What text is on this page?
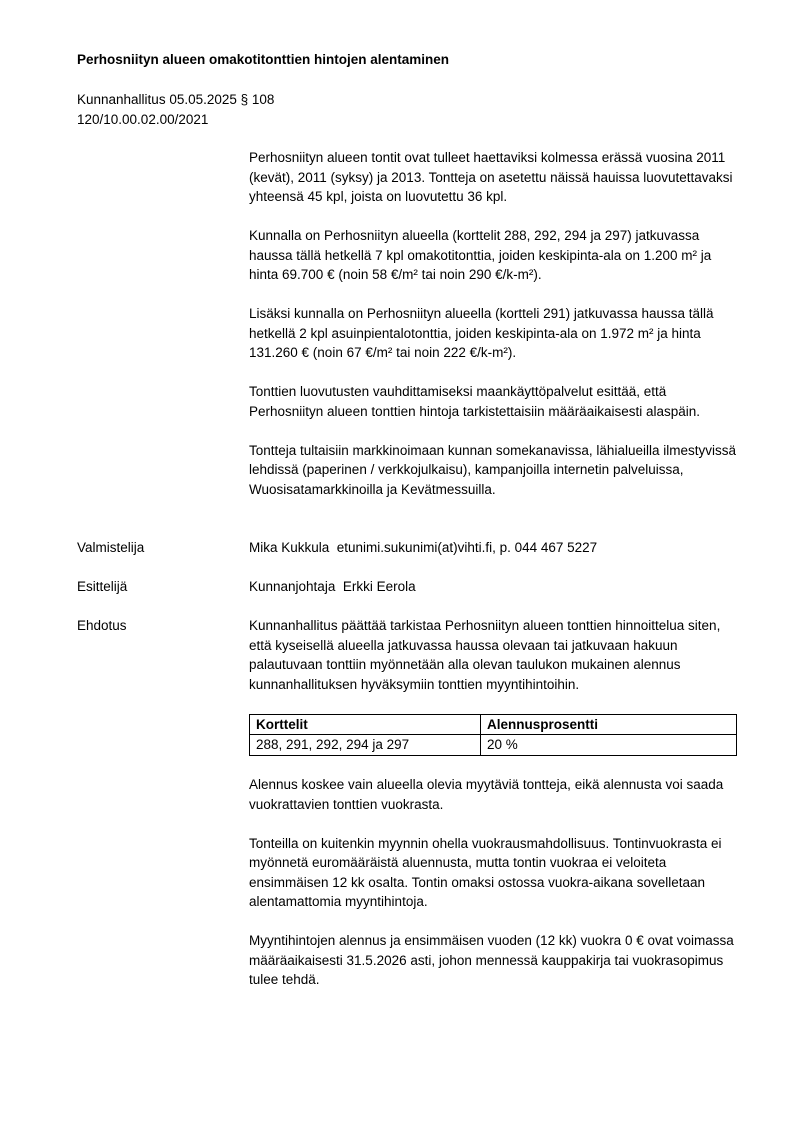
Perhosniityn alueen omakotitonttien hintojen alentaminen
Kunnanhallitus 05.05.2025 § 108
120/10.00.02.00/2021

Perhosniityn alueen tontit ovat tulleet haettaviksi kolmessa erässä vuosina 2011 (kevät), 2011 (syksy) ja 2013. Tontteja on asetettu näissä hauissa luovutettavaksi yhteensä 45 kpl, joista on luovutettu 36 kpl.

Kunnalla on Perhosniityn alueella (korttelit 288, 292, 294 ja 297) jatkuvassa haussa tällä hetkellä 7 kpl omakotitonttia, joiden keskipinta-ala on 1.200 m² ja hinta 69.700 € (noin 58 €/m² tai noin 290 €/k-m²).

Lisäksi kunnalla on Perhosniityn alueella (kortteli 291) jatkuvassa haussa tällä hetkellä 2 kpl asuinpientalotonttia, joiden keskipinta-ala on 1.972 m² ja hinta 131.260 € (noin 67 €/m² tai noin 222 €/k-m²).

Tonttien luovutusten vauhdittamiseksi maankäyttöpalvelut esittää, että Perhosniityn alueen tonttien hintoja tarkistettaisiin määräaikaisesti alaspäin.

Tontteja tultaisiin markkinoimaan kunnan somekanavissa, lähialueilla ilmestyvissä lehdissä (paperinen / verkkojulkaisu), kampanjoilla internetin palveluissa, Wuosisatamarkkinoilla ja Kevätmessuilla.

Valmistelija	Mika Kukkula  etunimi.sukunimi(at)vihti.fi, p. 044 467 5227
Esittelijä	Kunnanjohtaja  Erkki Eerola
Ehdotus	Kunnanhallitus päättää tarkistaa Perhosniityn alueen tonttien hinnoittelua siten, että kyseisellä alueella jatkuvassa haussa olevaan tai jatkuvaan hakuun palautuvaan tonttiin myönnetään alla olevan taulukon mukainen alennus kunnanhallituksen hyväksymiin tonttien myyntihintoihin.

Korttelit	Alennusprosentti
288, 291, 292, 294 ja 297	20 %

Alennus koskee vain alueella olevia myytäviä tontteja, eikä alennusta voi saada vuokrattavien tonttien vuokrasta.

Tonteilla on kuitenkin myynnin ohella vuokrausmahdollisuus. Tontinvuokrasta ei myönnetä euromääräistä aluennusta, mutta tontin vuokraa ei veloiteta ensimmäisen 12 kk osalta. Tontin omaksi ostossa vuokra-aikana sovelletaan alentamattomia myyntihintoja.

Myyntihintojen alennus ja ensimmäisen vuoden (12 kk) vuokra 0 € ovat voimassa määräaikaisesti 31.5.2026 asti, johon mennessä kauppakirja tai vuokrasopimus tulee tehdä.
